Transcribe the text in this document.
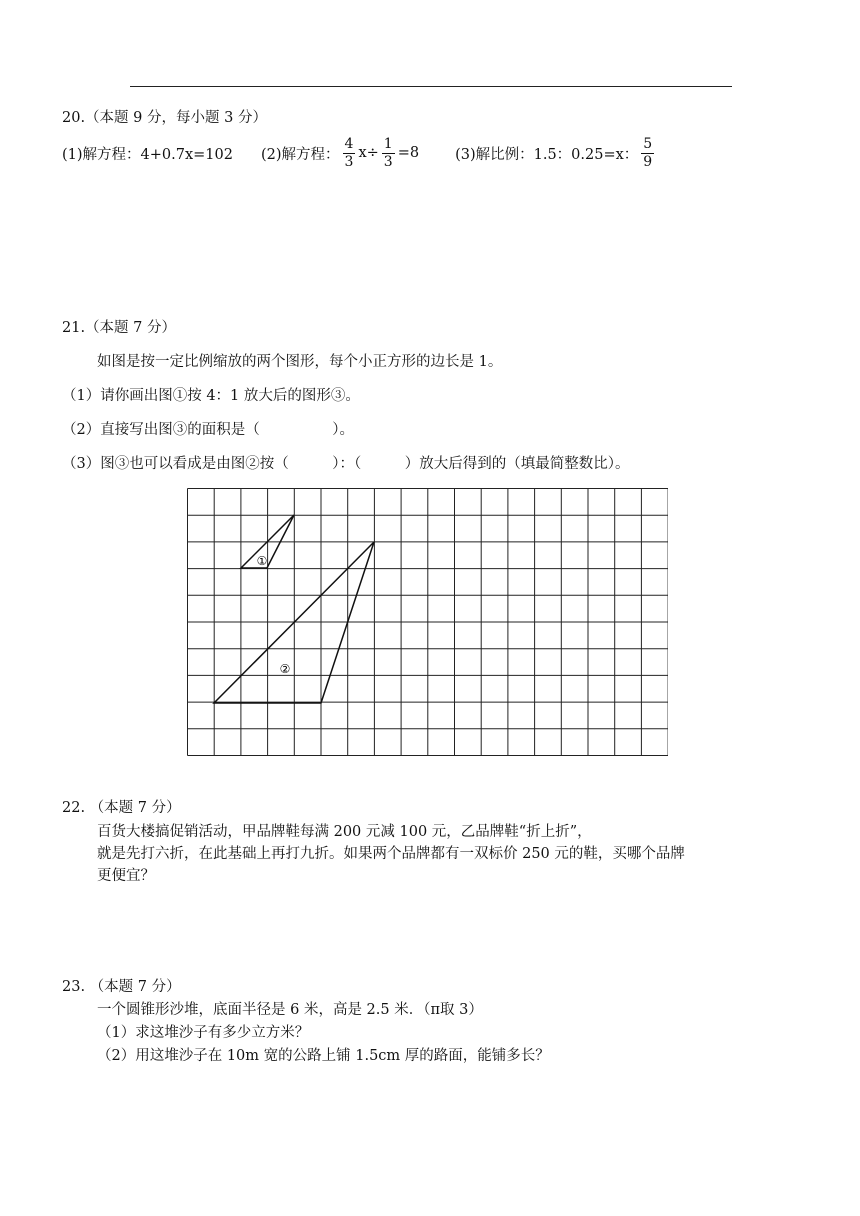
20.（本题 9 分，每小题 3 分）
(1)解方程：4+0.7x=102 (2)解方程： $\frac{4}{3} x\div \frac{1}{3} =8$ (3)解比例：1.5：0.25=x： $\frac{5}{9}$
21.（本题 7 分）
如图是按一定比例缩放的两个图形，每个小正方形的边长是 1。
（1）请你画出图①按 4：1 放大后的图形③。
（2）直接写出图③的面积是（　　　　　）。
（3）图③也可以看成是由图②按（　　　）：（　　　）放大后得到的（填最简整数比）。
①
②
22. （本题 7 分）
百货大楼搞促销活动，甲品牌鞋每满 200 元减 100 元，乙品牌鞋“折上折”，
就是先打六折，在此基础上再打九折。如果两个品牌都有一双标价 250 元的鞋，买哪个品牌
更便宜？
23. （本题 7 分）
一个圆锥形沙堆，底面半径是 6 米，高是 2.5 米．（π取 3）
（1）求这堆沙子有多少立方米？
（2）用这堆沙子在 10m 宽的公路上铺 1.5cm 厚的路面，能铺多长？
